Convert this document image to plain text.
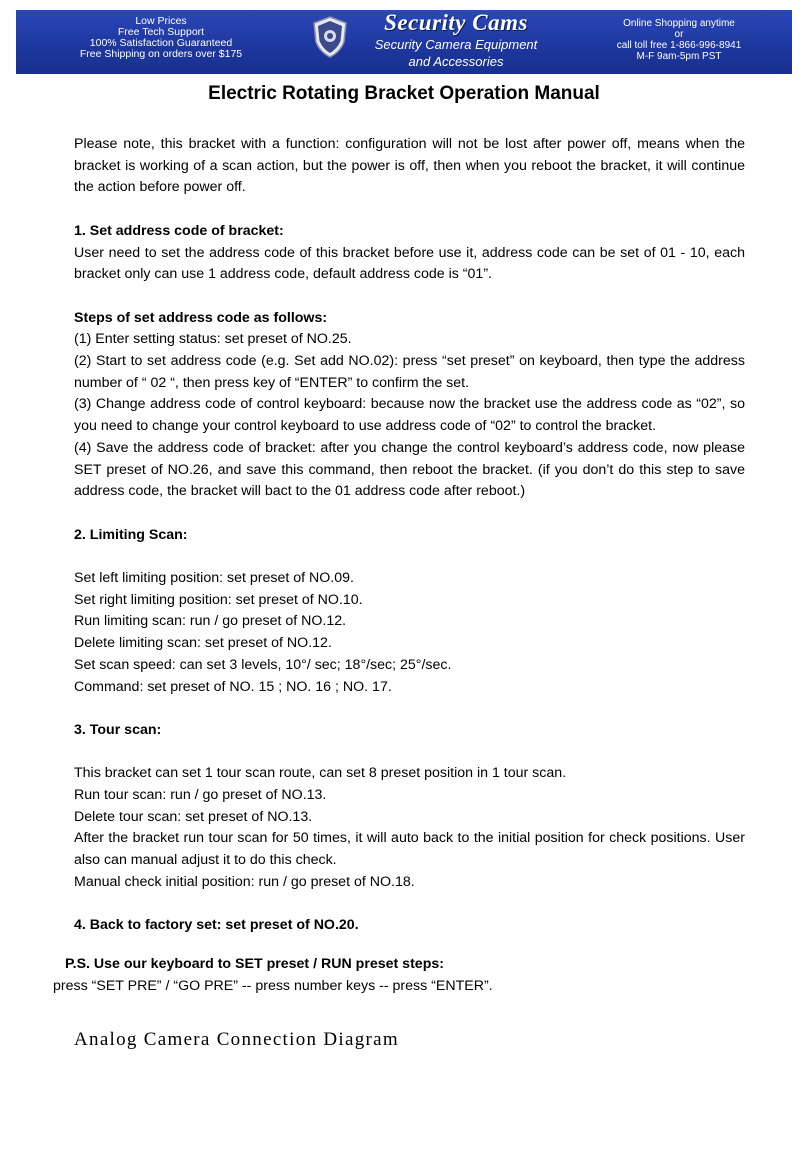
Low Prices
Free Tech Support
100% Satisfaction Guaranteed
Free Shipping on orders over $175
Security Cams
Security Camera Equipment
and Accessories
Online Shopping anytime
or
call toll free 1-866-996-8941
M-F 9am-5pm PST
Electric Rotating Bracket Operation Manual

Please note, this bracket with a function: configuration will not be lost after power off, means when the bracket is working of a scan action, but the power is off, then when you reboot the bracket, it will continue the action before power off.

1. Set address code of bracket:

User need to set the address code of this bracket before use it, address code can be set of 01 - 10, each bracket only can use 1 address code, default address code is “01”.

Steps of set address code as follows:

(1) Enter setting status: set preset of NO.25.

(2) Start to set address code (e.g. Set add NO.02): press “set preset” on keyboard, then type the address number of “ 02 “, then press key of “ENTER” to confirm the set.

(3) Change address code of control keyboard: because now the bracket use the address code as “02”, so you need to change your control keyboard to use address code of “02” to control the bracket.

(4) Save the address code of bracket: after you change the control keyboard’s address code, now please SET preset of NO.26, and save this command, then reboot the bracket. (if you don’t do this step to save address code, the bracket will bact to the 01 address code after reboot.)

2. Limiting Scan:

Set left limiting position: set preset of NO.09.

Set right limiting position: set preset of NO.10.

Run limiting scan: run / go preset of NO.12.

Delete limiting scan: set preset of NO.12.

Set scan speed: can set 3 levels, 10°/ sec; 18°/sec; 25°/sec.

Command: set preset of NO. 15 ; NO. 16 ; NO. 17.

3. Tour scan:

This bracket can set 1 tour scan route, can set 8 preset position in 1 tour scan.

Run tour scan: run / go preset of NO.13.

Delete tour scan: set preset of NO.13.

After the bracket run tour scan for 50 times, it will auto back to the initial position for check positions. User also can manual adjust it to do this check.

Manual check initial position: run / go preset of NO.18.

4. Back to factory set: set preset of NO.20.

P.S. Use our keyboard to SET preset / RUN preset steps:

press “SET PRE” / “GO PRE” -- press number keys -- press “ENTER”.

Analog Camera Connection Diagram
